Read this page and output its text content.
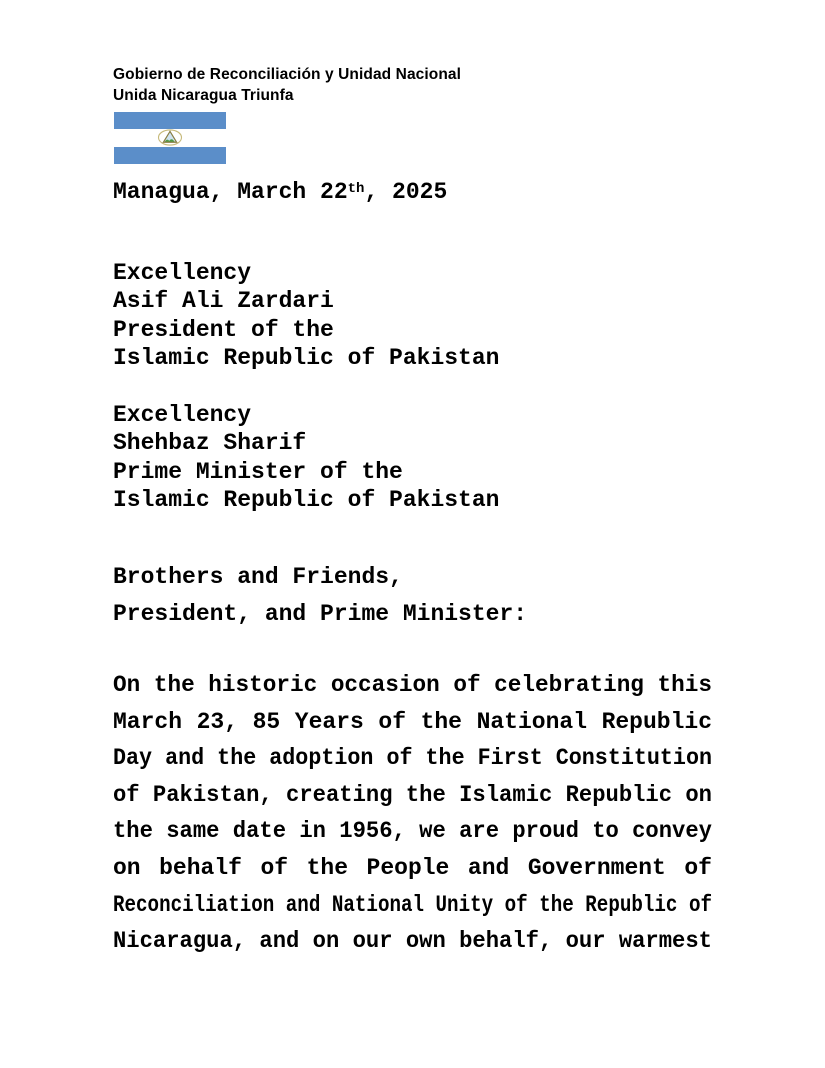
Gobierno de Reconciliación y Unidad Nacional
Unida Nicaragua Triunfa
Managua, March 22th, 2025
Excellency
Asif Ali Zardari
President of the
Islamic Republic of Pakistan
Excellency
Shehbaz Sharif
Prime Minister of the
Islamic Republic of Pakistan
Brothers and Friends,
President, and Prime Minister:
On the historic occasion of celebrating this
March 23, 85 Years of the National Republic
Day and the adoption of the First Constitution
of Pakistan, creating the Islamic Republic on
the same date in 1956, we are proud to convey
on behalf of the People and Government of
Reconciliation and National Unity of the Republic of
Nicaragua, and on our own behalf, our warmest
